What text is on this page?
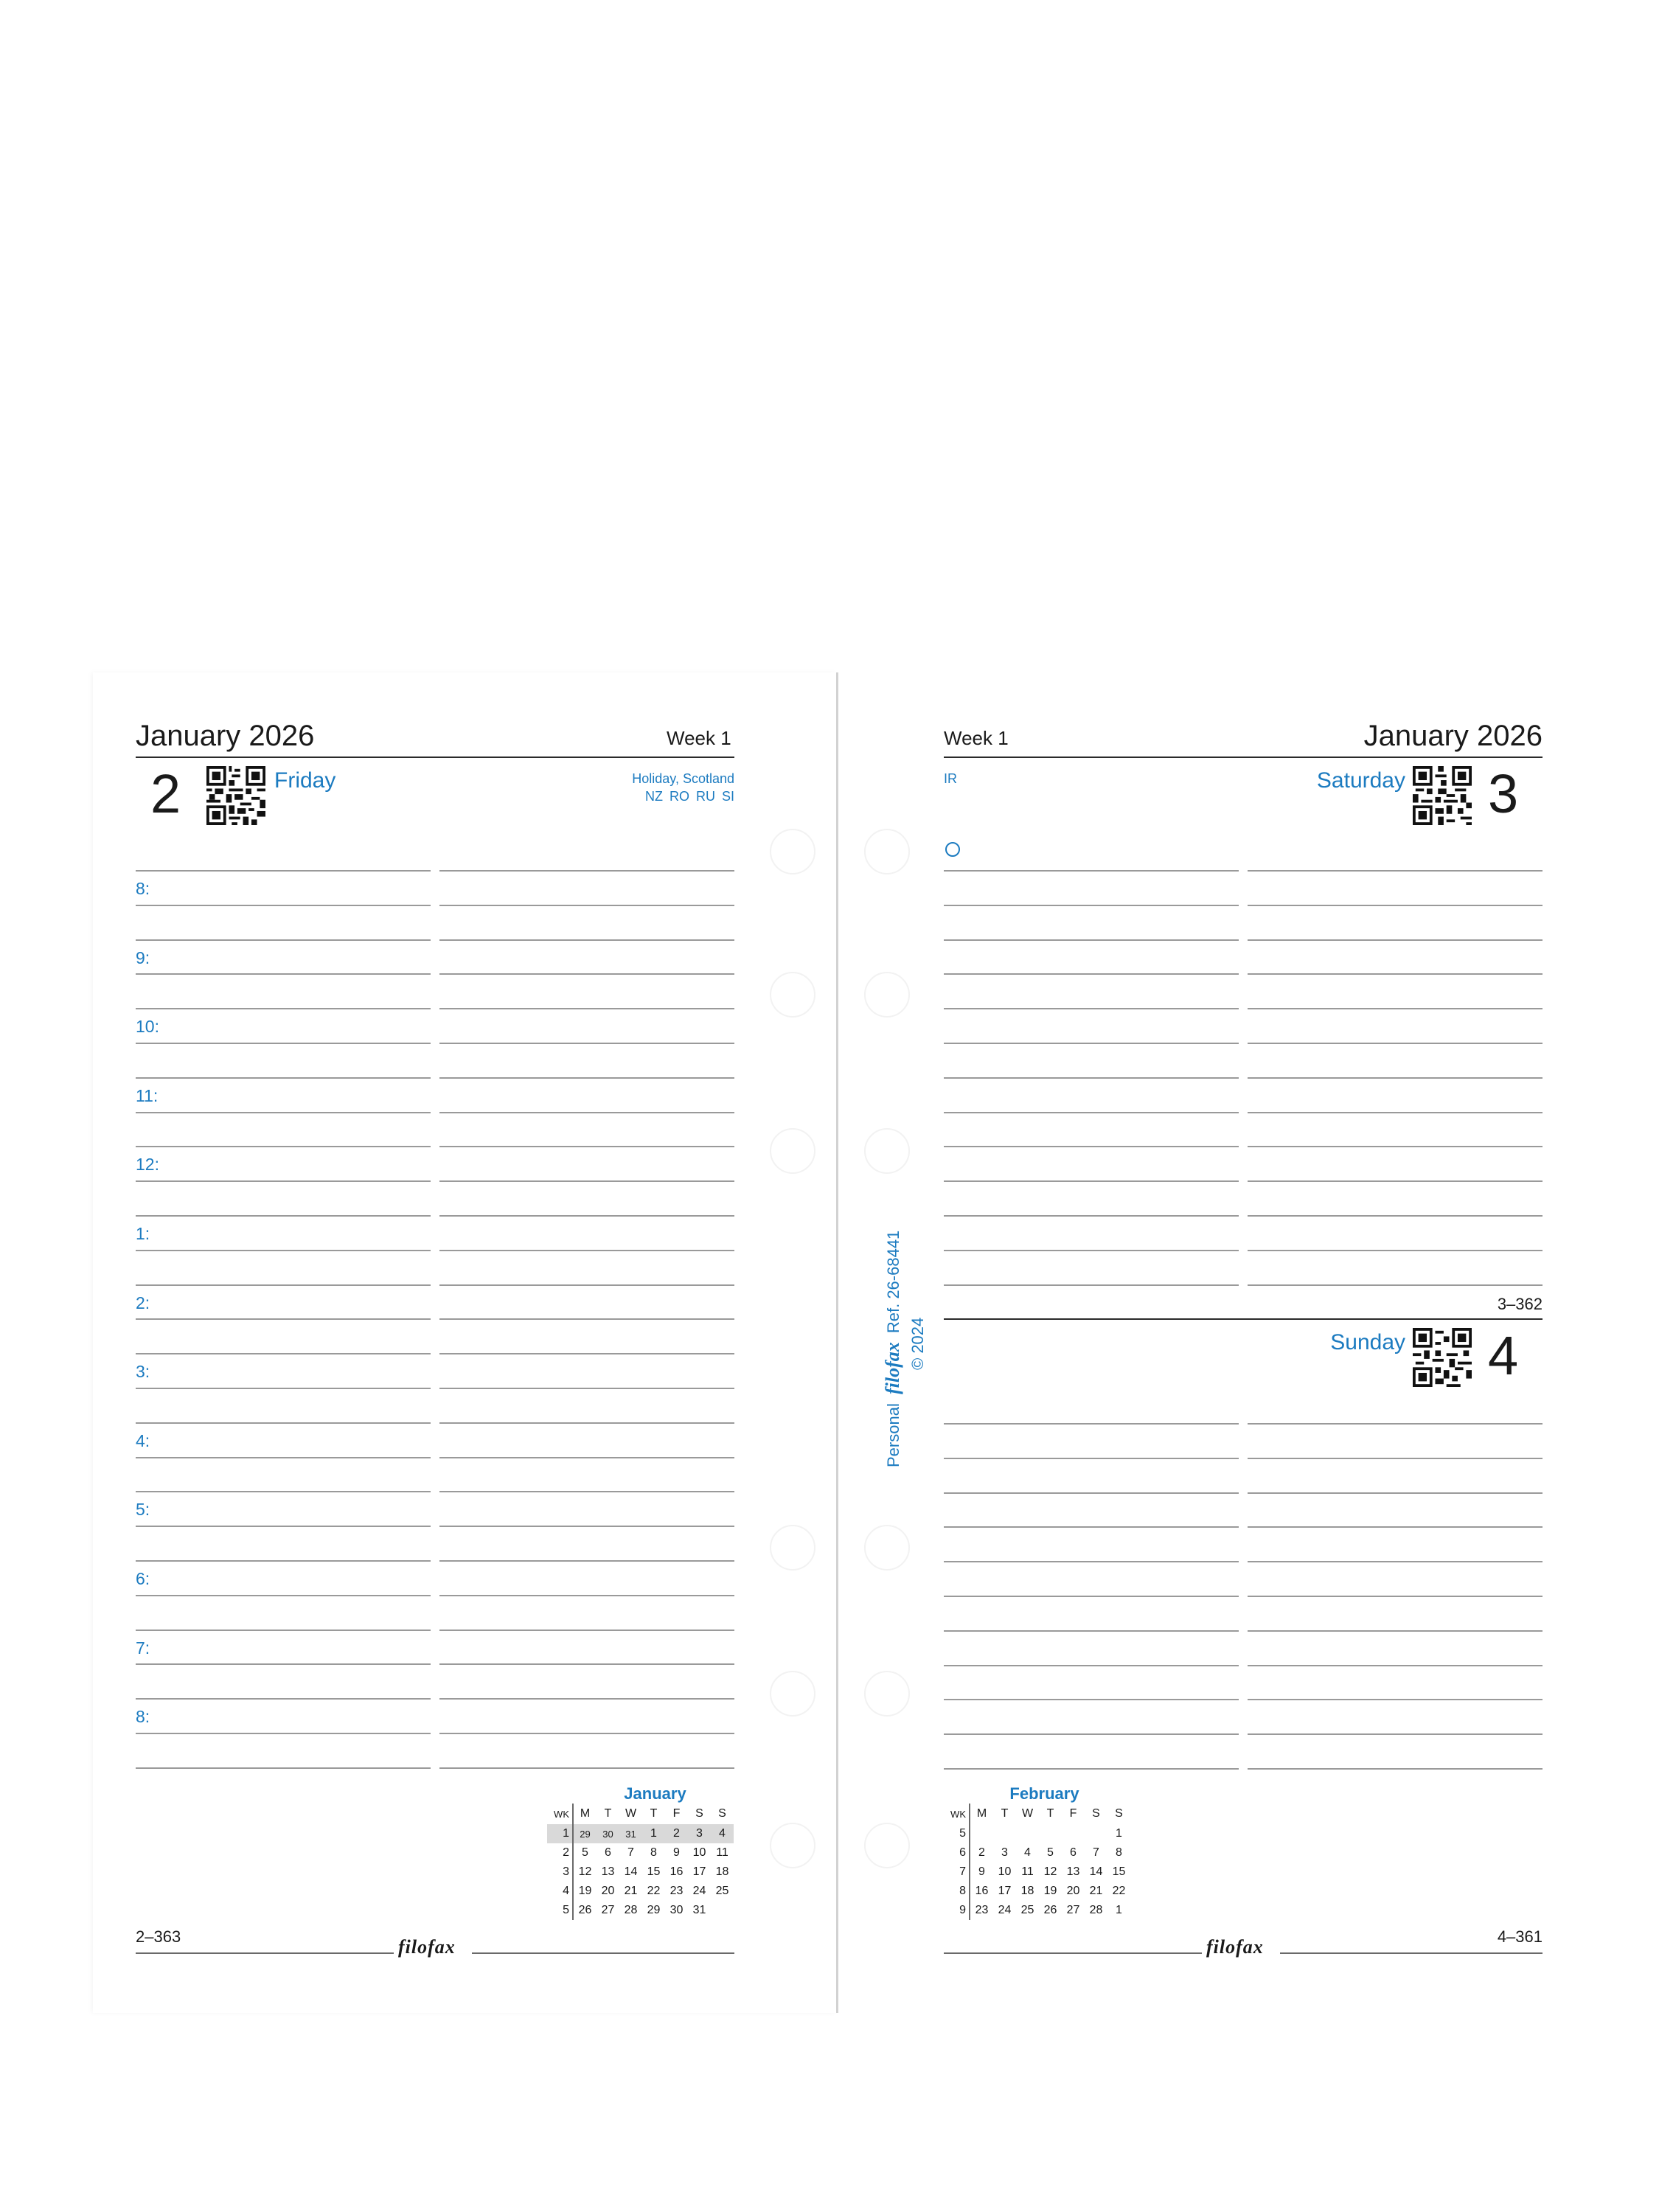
January 2026	Week 1
2	Friday	Holiday, Scotland
NZ RO RU SI
8:
9:
10:
11:
12:
1:
2:
3:
4:
5:
6:
7:
8:
January
WK	M	T	W	T	F	S	S
1	29	30	31	1	2	3	4
2	5	6	7	8	9	10	11
3	12	13	14	15	16	17	18
4	19	20	21	22	23	24	25
5	26	27	28	29	30	31	
2–363	filofax
Personal filofax Ref. 26-68441
© 2024
Week 1	January 2026
IR	Saturday 3
3–362
Sunday 4
February
WK	M	T	W	T	F	S	S
5							1
6	2	3	4	5	6	7	8
7	9	10	11	12	13	14	15
8	16	17	18	19	20	21	22
9	23	24	25	26	27	28	1
filofax	4–361
